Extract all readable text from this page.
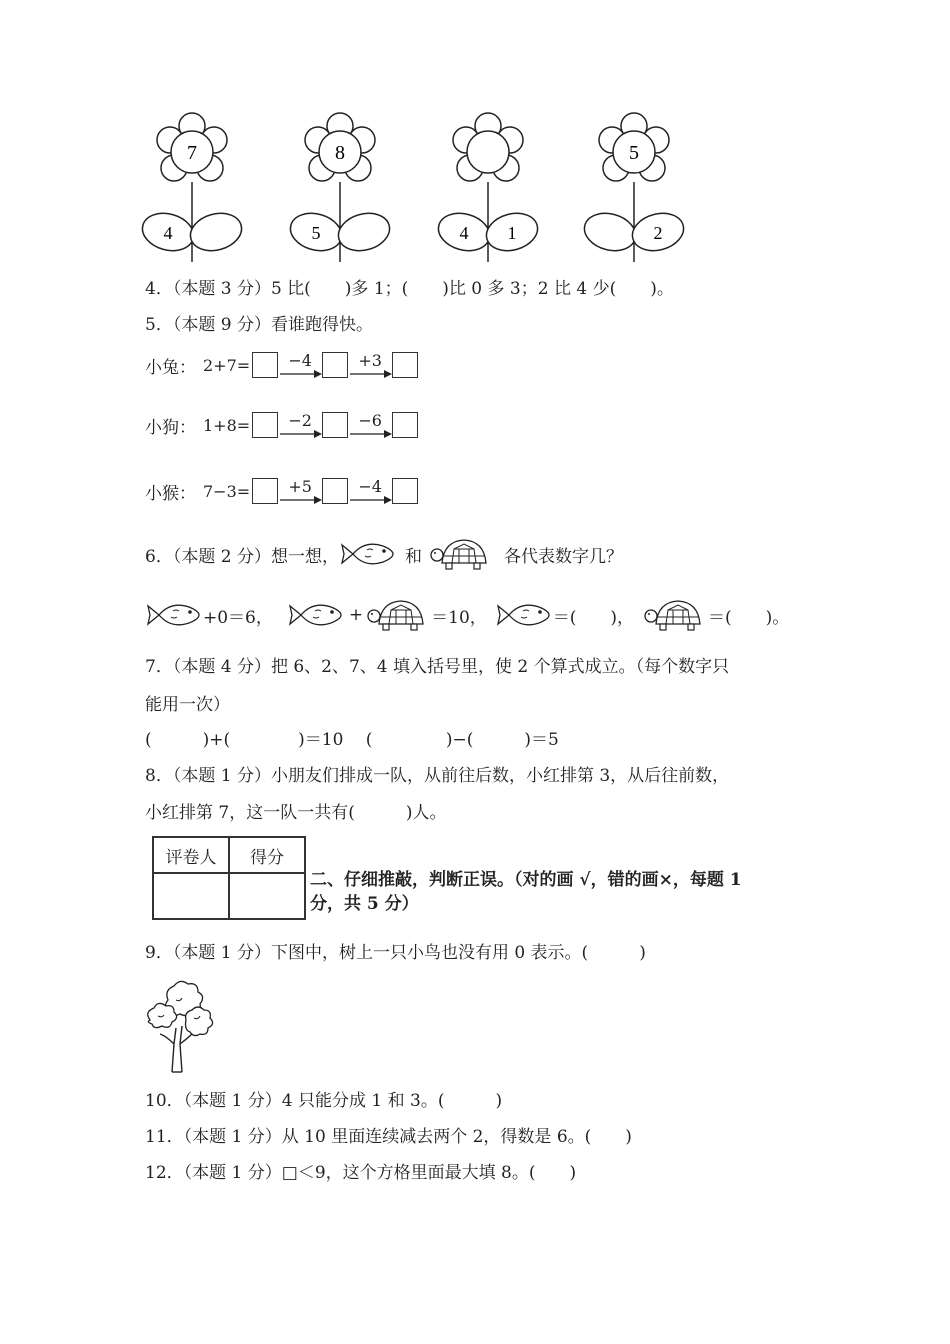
7
4
8
5	4 1
5
2
4．（本题 3 分）5 比(　　)多 1；(　　)比 0 多 3；2 比 4 少(　　)。
5．（本题 9 分）看谁跑得快。
小兔： 2+7=	−4	+3
小狗： 1+8=	−2	−6
小猴： 7−3=	+5	−4
6．（本题 2 分）想一想，	和	各代表数字几？
+0＝6，	+	＝10，	＝(　　)，	＝(　　)。
7．（本题 4 分）把 6、2、7、4 填入括号里，使 2 个算式成立。（每个数字只
能用一次）
(　　　)+(　　　　)＝10　 (　　　　 )−(　　　)＝5
8．（本题 1 分）小朋友们排成一队，从前往后数，小红排第 3，从后往前数，
小红排第 7，这一队一共有(　　　)人。
评卷人	得分

二、仔细推敲，判断正误。（对的画 √，错的画×，每题 1
分，共 5 分）
9．（本题 1 分）下图中，树上一只小鸟也没有用 0 表示。(　　　)
10．（本题 1 分）4 只能分成 1 和 3。(　　　)
11．（本题 1 分）从 10 里面连续减去两个 2，得数是 6。(　　)
12．（本题 1 分）□＜9，这个方格里面最大填 8。(　　)
